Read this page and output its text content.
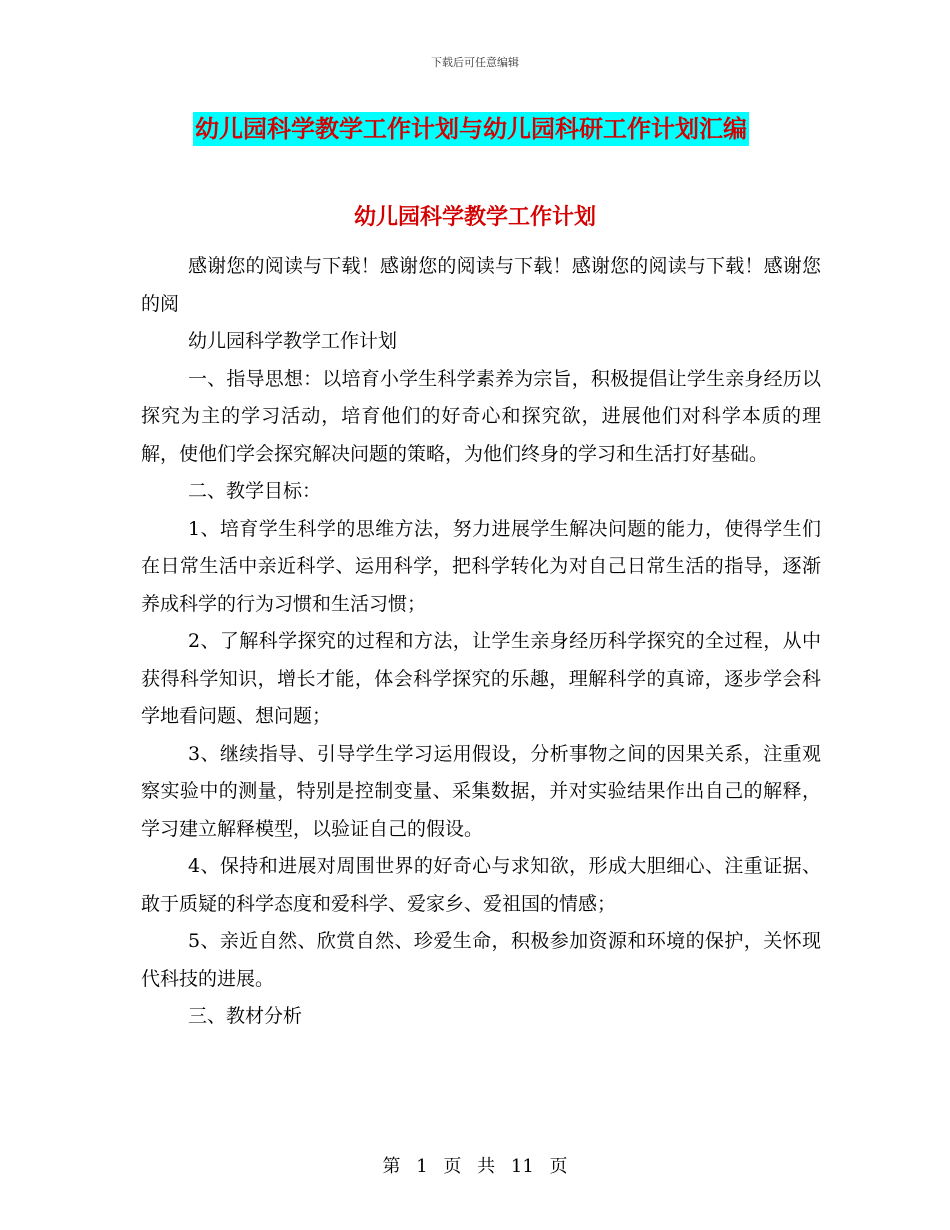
下载后可任意编辑
幼儿园科学教学工作计划与幼儿园科研工作计划汇编
幼儿园科学教学工作计划

感谢您的阅读与下载！感谢您的阅读与下载！感谢您的阅读与下载！感谢您的阅

幼儿园科学教学工作计划

一、指导思想：以培育小学生科学素养为宗旨，积极提倡让学生亲身经历以探究为主的学习活动，培育他们的好奇心和探究欲，进展他们对科学本质的理解，使他们学会探究解决问题的策略，为他们终身的学习和生活打好基础。

二、教学目标：

1、培育学生科学的思维方法，努力进展学生解决问题的能力，使得学生们在日常生活中亲近科学、运用科学，把科学转化为对自己日常生活的指导，逐渐养成科学的行为习惯和生活习惯；

2、了解科学探究的过程和方法，让学生亲身经历科学探究的全过程，从中获得科学知识，增长才能，体会科学探究的乐趣，理解科学的真谛，逐步学会科学地看问题、想问题；

3、继续指导、引导学生学习运用假设，分析事物之间的因果关系，注重观察实验中的测量，特别是控制变量、采集数据，并对实验结果作出自己的解释，学习建立解释模型，以验证自己的假设。

4、保持和进展对周围世界的好奇心与求知欲，形成大胆细心、注重证据、敢于质疑的科学态度和爱科学、爱家乡、爱祖国的情感；

5、亲近自然、欣赏自然、珍爱生命，积极参加资源和环境的保护，关怀现代科技的进展。

三、教材分析

第 1 页 共 11 页
